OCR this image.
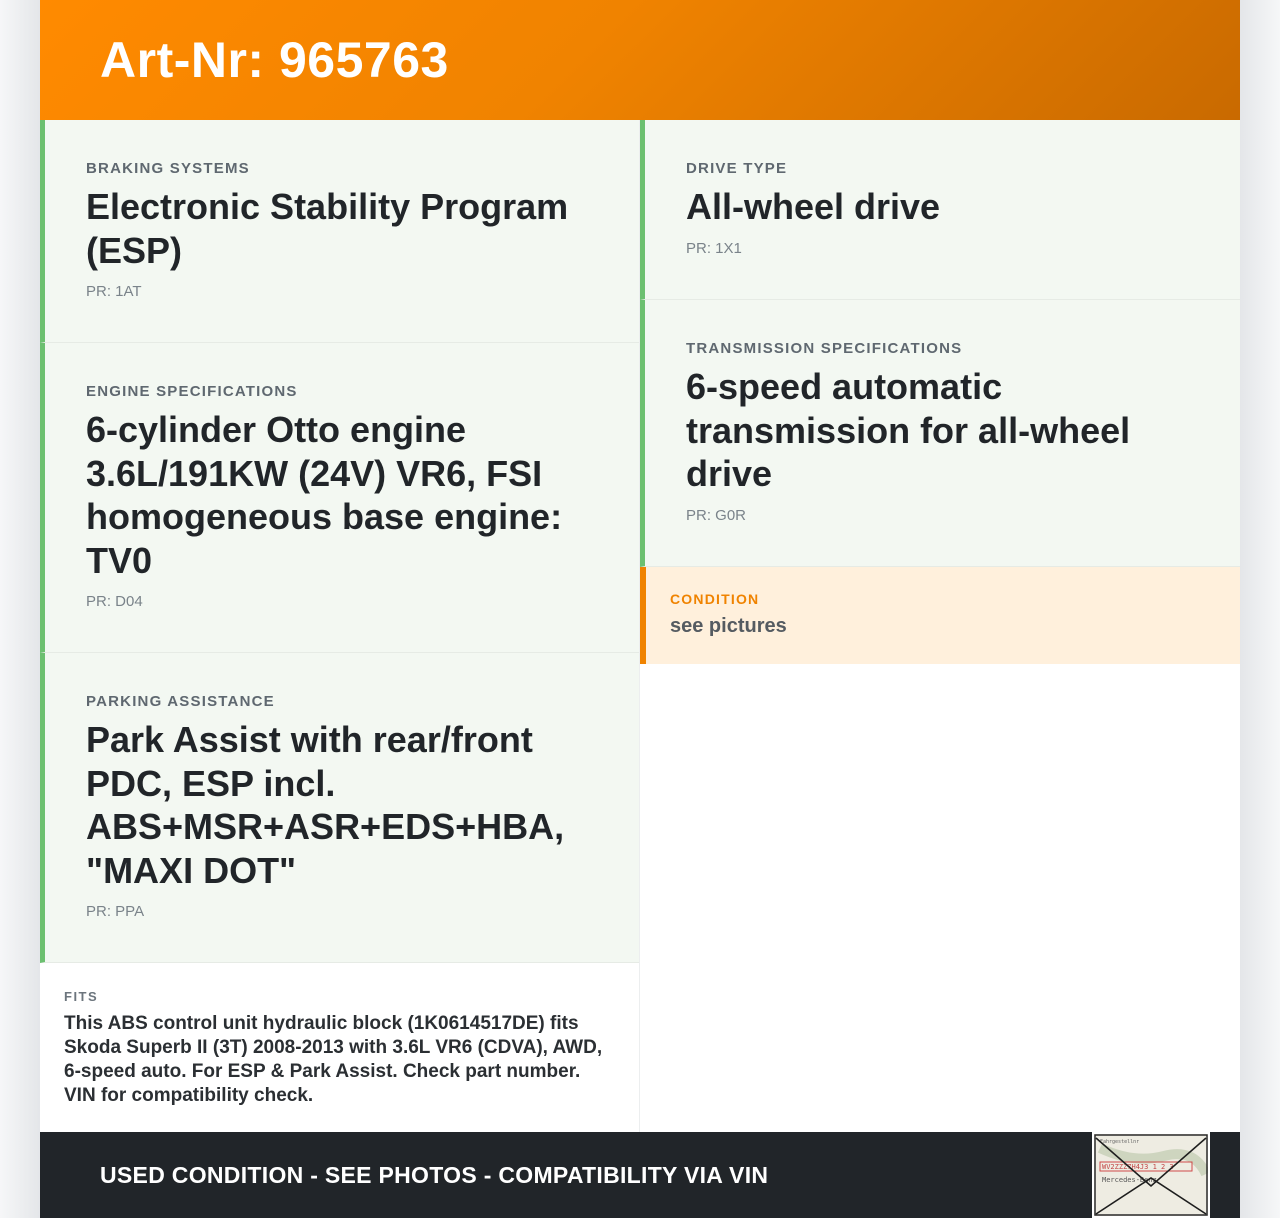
Art-Nr: 965763
BRAKING SYSTEMS
Electronic Stability Program (ESP)
PR: 1AT
ENGINE SPECIFICATIONS
6-cylinder Otto engine 3.6L/191KW (24V) VR6, FSI homogeneous base engine: TV0
PR: D04
PARKING ASSISTANCE
Park Assist with rear/front PDC, ESP incl. ABS+MSR+ASR+EDS+HBA, "MAXI DOT"
PR: PPA
FITS
This ABS control unit hydraulic block (1K0614517DE) fits Skoda Superb II (3T) 2008-2013 with 3.6L VR6 (CDVA), AWD, 6-speed auto. For ESP & Park Assist. Check part number. VIN for compatibility check.
DRIVE TYPE
All-wheel drive
PR: 1X1
TRANSMISSION SPECIFICATIONS
6-speed automatic transmission for all-wheel drive
PR: G0R
CONDITION
see pictures
USED CONDITION - SEE PHOTOS - COMPATIBILITY VIA VIN
Fahrgestellnr
WV2ZZZ7H4J3 1 2 3
Mercedes-Benz
